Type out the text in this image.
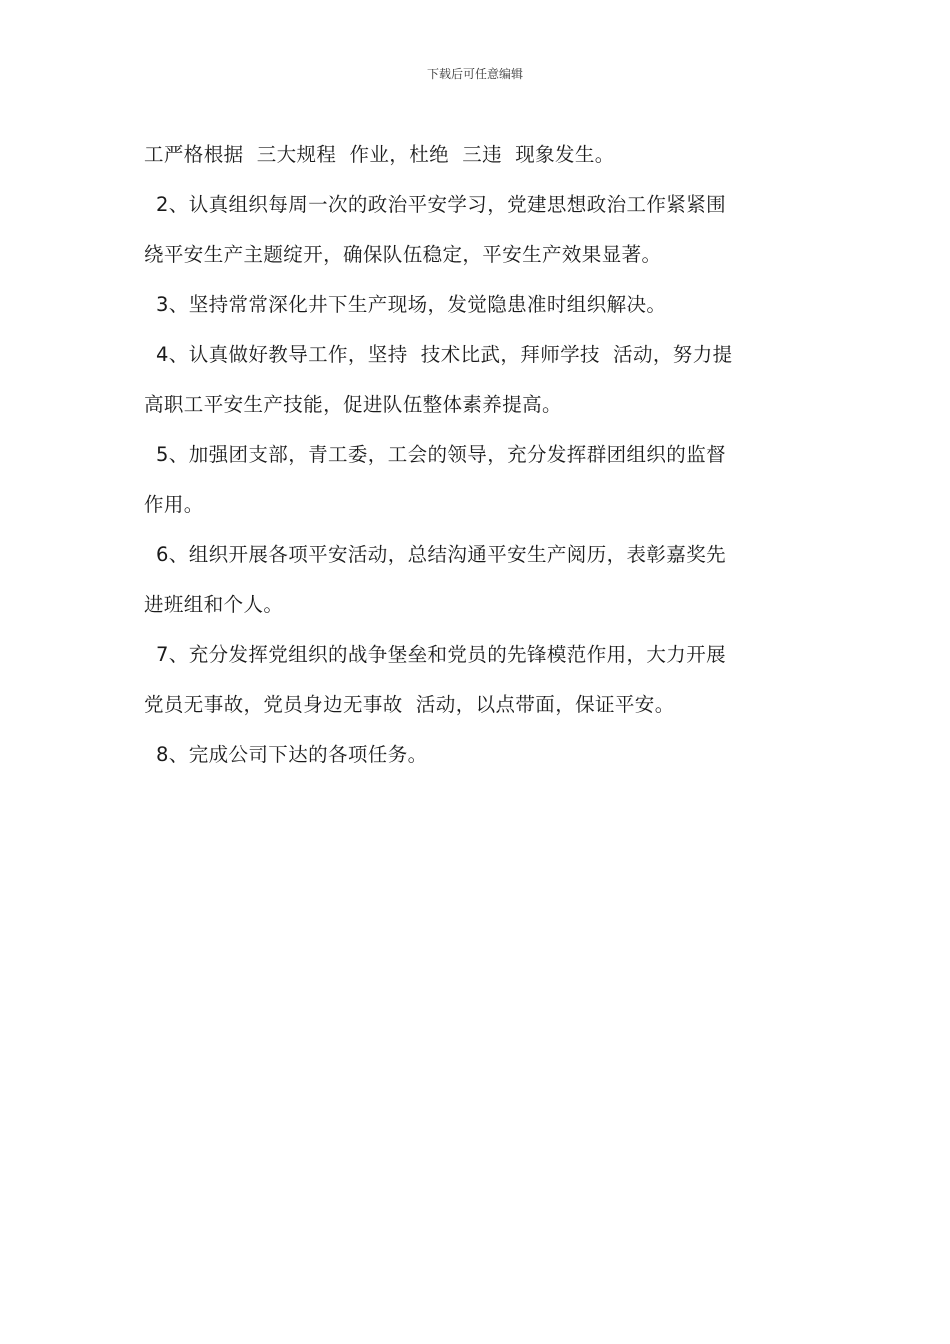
下载后可任意编辑
工严格根据  三大规程  作业，杜绝  三违  现象发生。
2、认真组织每周一次的政治平安学习，党建思想政治工作紧紧围
绕平安生产主题绽开，确保队伍稳定，平安生产效果显著。
3、坚持常常深化井下生产现场，发觉隐患准时组织解决。
4、认真做好教导工作，坚持  技术比武，拜师学技  活动，努力提
高职工平安生产技能，促进队伍整体素养提高。
5、加强团支部，青工委，工会的领导，充分发挥群团组织的监督
作用。
6、组织开展各项平安活动，总结沟通平安生产阅历，表彰嘉奖先
进班组和个人。
7、充分发挥党组织的战争堡垒和党员的先锋模范作用，大力开展
党员无事故，党员身边无事故  活动，以点带面，保证平安。
8、完成公司下达的各项任务。
